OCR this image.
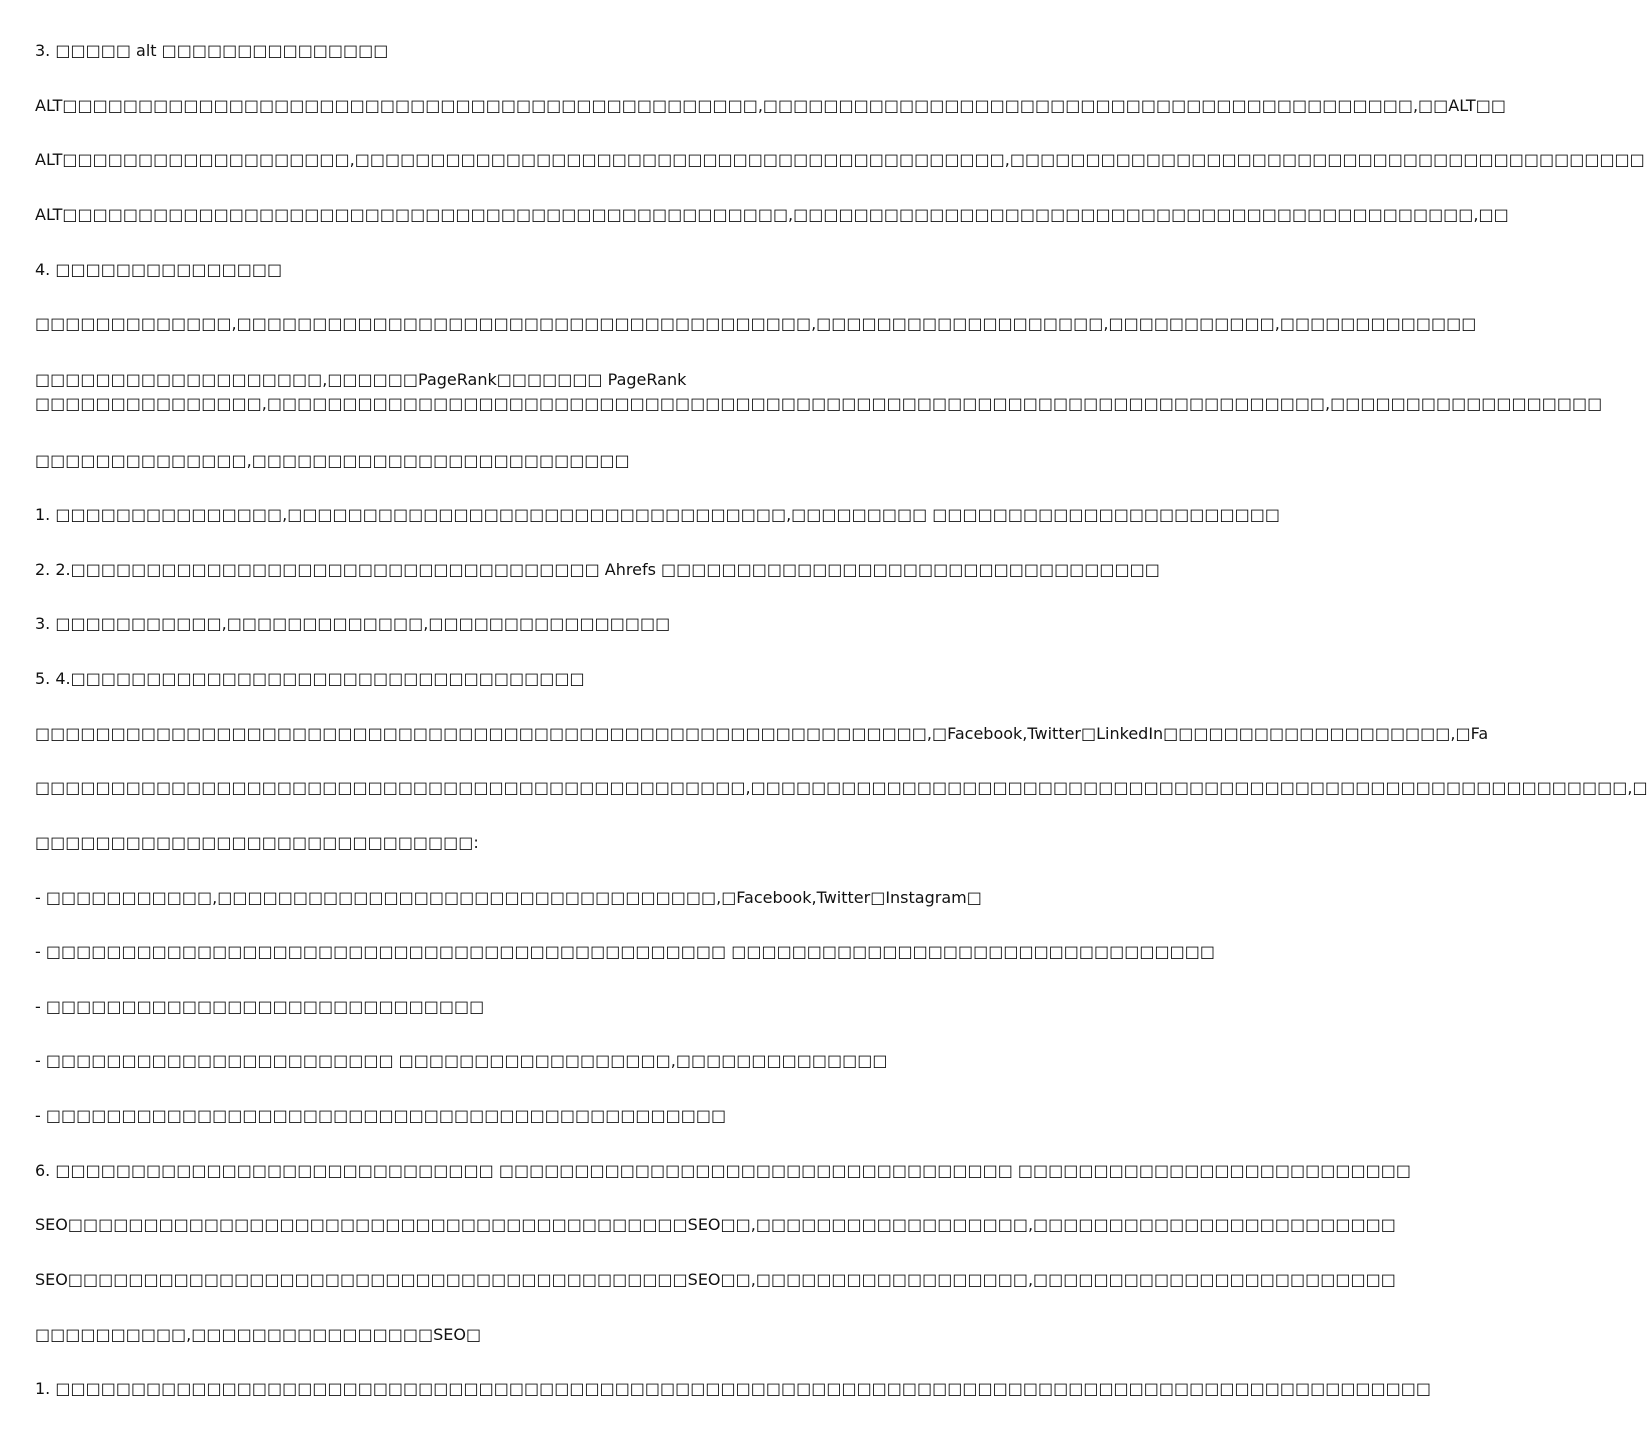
3. □□□□□ alt □□□□□□□□□□□□□□□
ALT□□□□□□□□□□□□□□□□□□□□□□□□□□□□□□□□□□□□□□□□□□□□□□,□□□□□□□□□□□□□□□□□□□□□□□□□□□□□□□□□□□□□□□□□□□,□□ALT□□
ALT□□□□□□□□□□□□□□□□□□□,□□□□□□□□□□□□□□□□□□□□□□□□□□□□□□□□□□□□□□□□□□□,□□□□□□□□□□□□□□□□□□□□□□□□□□□□□□□□□□□□□□□□□□
ALT□□□□□□□□□□□□□□□□□□□□□□□□□□□□□□□□□□□□□□□□□□□□□□□□,□□□□□□□□□□□□□□□□□□□□□□□□□□□□□□□□□□□□□□□□□□□□□,□□
4. □□□□□□□□□□□□□□□
□□□□□□□□□□□□□,□□□□□□□□□□□□□□□□□□□□□□□□□□□□□□□□□□□□□□,□□□□□□□□□□□□□□□□□□□,□□□□□□□□□□□,□□□□□□□□□□□□□
□□□□□□□□□□□□□□□□□□□,□□□□□□PageRank□□□□□□□ PageRank
□□□□□□□□□□□□□□□,□□□□□□□□□□□□□□□□□□□□□□□□□□□□□□□□□□□□□□□□□□□□□□□□□□□□□□□□□□□□□□□□□□□□□□,□□□□□□□□□□□□□□□□□□
□□□□□□□□□□□□□□,□□□□□□□□□□□□□□□□□□□□□□□□□
1. □□□□□□□□□□□□□□□,□□□□□□□□□□□□□□□□□□□□□□□□□□□□□□□□□,□□□□□□□□□ □□□□□□□□□□□□□□□□□□□□□□□
2. 2.□□□□□□□□□□□□□□□□□□□□□□□□□□□□□□□□□□□ Ahrefs □□□□□□□□□□□□□□□□□□□□□□□□□□□□□□□□□
3. □□□□□□□□□□□,□□□□□□□□□□□□□,□□□□□□□□□□□□□□□□
5. 4.□□□□□□□□□□□□□□□□□□□□□□□□□□□□□□□□□□
□□□□□□□□□□□□□□□□□□□□□□□□□□□□□□□□□□□□□□□□□□□□□□□□□□□□□□□□□□□,□Facebook,Twitter□LinkedIn□□□□□□□□□□□□□□□□□□□,□Fa
□□□□□□□□□□□□□□□□□□□□□□□□□□□□□□□□□□□□□□□□□□□□□□□,□□□□□□□□□□□□□□□□□□□□□□□□□□□□□□□□□□□□□□□□□□□□□□□□□□□□□□□□□□,□
□□□□□□□□□□□□□□□□□□□□□□□□□□□□□:
- □□□□□□□□□□□,□□□□□□□□□□□□□□□□□□□□□□□□□□□□□□□□□,□Facebook,Twitter□Instagram□
- □□□□□□□□□□□□□□□□□□□□□□□□□□□□□□□□□□□□□□□□□□□□□ □□□□□□□□□□□□□□□□□□□□□□□□□□□□□□□□
- □□□□□□□□□□□□□□□□□□□□□□□□□□□□□
- □□□□□□□□□□□□□□□□□□□□□□□ □□□□□□□□□□□□□□□□□□,□□□□□□□□□□□□□□
- □□□□□□□□□□□□□□□□□□□□□□□□□□□□□□□□□□□□□□□□□□□□□
6. □□□□□□□□□□□□□□□□□□□□□□□□□□□□□ □□□□□□□□□□□□□□□□□□□□□□□□□□□□□□□□□□ □□□□□□□□□□□□□□□□□□□□□□□□□□
SEO□□□□□□□□□□□□□□□□□□□□□□□□□□□□□□□□□□□□□□□□□SEO□□,□□□□□□□□□□□□□□□□□□,□□□□□□□□□□□□□□□□□□□□□□□□
SEO□□□□□□□□□□□□□□□□□□□□□□□□□□□□□□□□□□□□□□□□□SEO□□,□□□□□□□□□□□□□□□□□□,□□□□□□□□□□□□□□□□□□□□□□□□
□□□□□□□□□□,□□□□□□□□□□□□□□□□SEO□
1. □□□□□□□□□□□□□□□□□□□□□□□□□□□□□□□□□□□□□□□□□□□□□□□□□□□□□□□□□□□□□□□□□□□□□□□□□□□□□□□□□□□□□□□□□□□
